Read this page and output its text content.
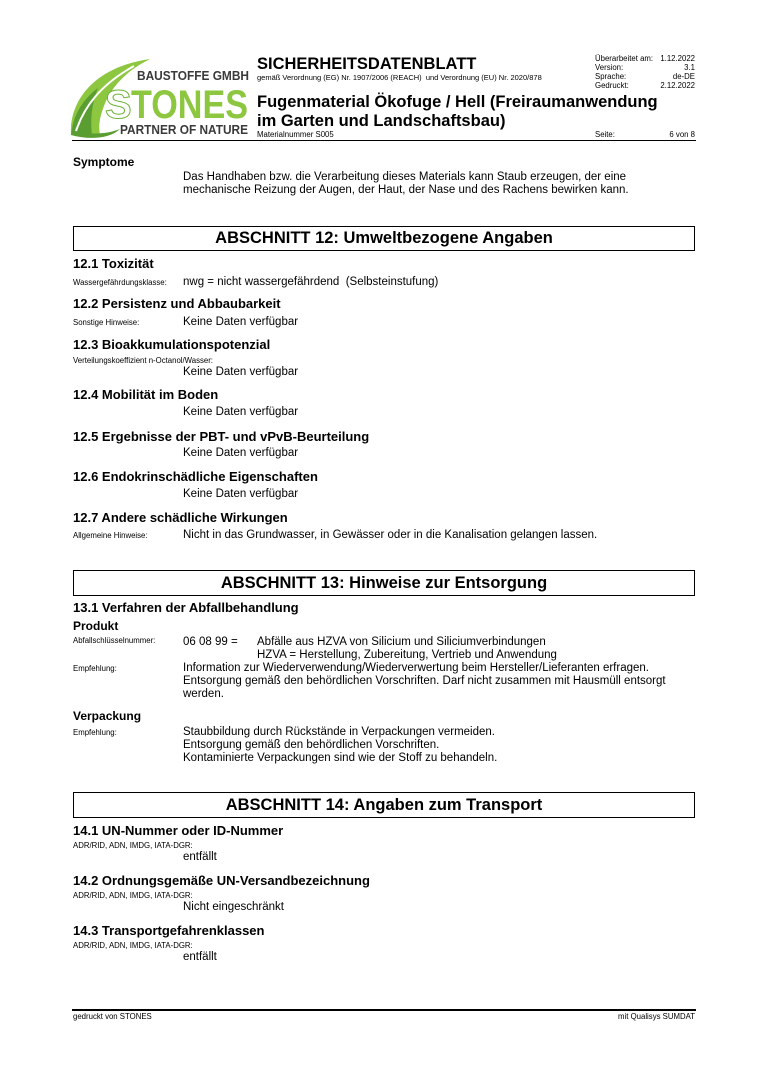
BAUSTOFFE GMBH
S TONES
PARTNER OF NATURE
SICHERHEITSDATENBLATT
gemäß Verordnung (EG) Nr. 1907/2006 (REACH)  und Verordnung (EU) Nr. 2020/878
Fugenmaterial Ökofuge / Hell (Freiraumanwendung
im Garten und Landschaftsbau)
Materialnummer S005
Überarbeitet am: 1.12.2022
Version:	3.1
Sprache:	de-DE
Gedruckt:	2.12.2022
Seite:	6 von 8
Symptome
Das Handhaben bzw. die Verarbeitung dieses Materials kann Staub erzeugen, der eine
mechanische Reizung der Augen, der Haut, der Nase und des Rachens bewirken kann.
ABSCHNITT 12: Umweltbezogene Angaben
12.1 Toxizität
Wassergefährdungsklasse: nwg = nicht wassergefährdend  (Selbsteinstufung)
12.2 Persistenz und Abbaubarkeit
Sonstige Hinweise:	Keine Daten verfügbar
12.3 Bioakkumulationspotenzial
Verteilungskoeffizient n-Octanol/Wasser:
Keine Daten verfügbar
12.4 Mobilität im Boden
Keine Daten verfügbar
12.5 Ergebnisse der PBT- und vPvB-Beurteilung
Keine Daten verfügbar
12.6 Endokrinschädliche Eigenschaften
Keine Daten verfügbar
12.7 Andere schädliche Wirkungen
Allgemeine Hinweise:	Nicht in das Grundwasser, in Gewässer oder in die Kanalisation gelangen lassen.
ABSCHNITT 13: Hinweise zur Entsorgung
13.1 Verfahren der Abfallbehandlung
Produkt
Abfallschlüsselnummer: 06 08 99 = Abfälle aus HZVA von Silicium und Siliciumverbindungen
HZVA = Herstellung, Zubereitung, Vertrieb und Anwendung
Empfehlung:	Information zur Wiederverwendung/Wiederverwertung beim Hersteller/Lieferanten erfragen.
Entsorgung gemäß den behördlichen Vorschriften. Darf nicht zusammen mit Hausmüll entsorgt
werden.
Verpackung
Empfehlung:	Staubbildung durch Rückstände in Verpackungen vermeiden.
Entsorgung gemäß den behördlichen Vorschriften.
Kontaminierte Verpackungen sind wie der Stoff zu behandeln.
ABSCHNITT 14: Angaben zum Transport
14.1 UN-Nummer oder ID-Nummer
ADR/RID, ADN, IMDG, IATA-DGR:
entfällt
14.2 Ordnungsgemäße UN-Versandbezeichnung
ADR/RID, ADN, IMDG, IATA-DGR:
Nicht eingeschränkt
14.3 Transportgefahrenklassen
ADR/RID, ADN, IMDG, IATA-DGR:
entfällt
gedruckt von STONES	mit Qualisys SUMDAT
